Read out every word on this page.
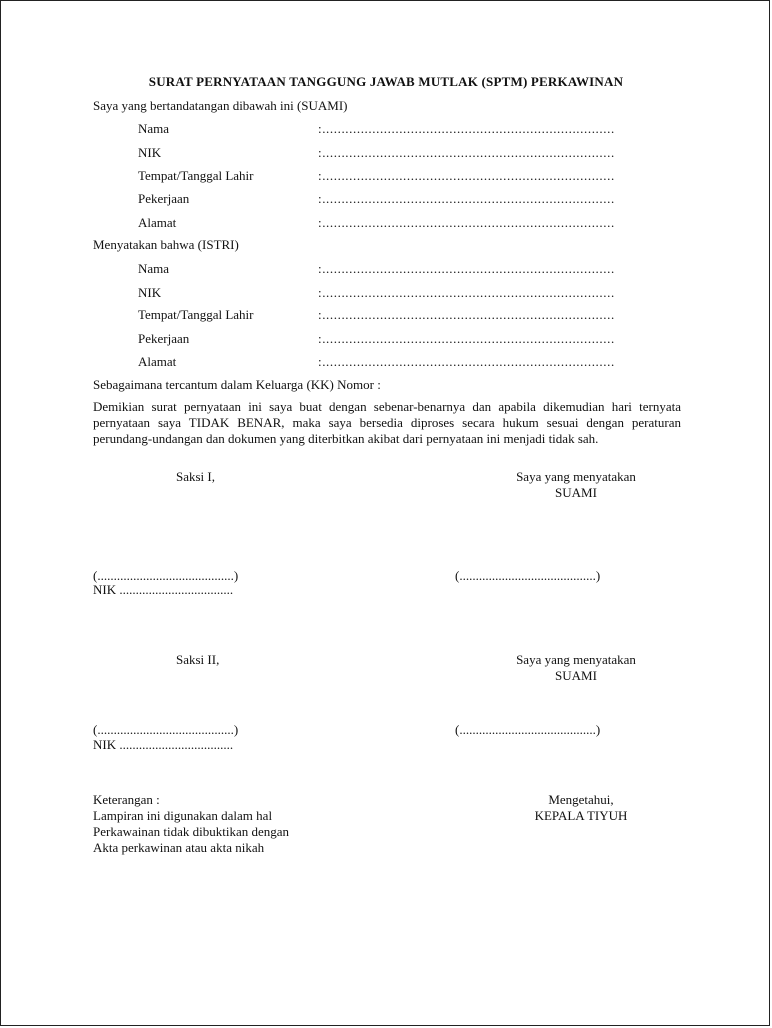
SURAT PERNYATAAN TANGGUNG JAWAB MUTLAK (SPTM) PERKAWINAN
Saya yang bertandatangan dibawah ini (SUAMI)
Nama	:............................................................................
NIK	:............................................................................
Tempat/Tanggal Lahir	:............................................................................
Pekerjaan	:............................................................................
Alamat	:............................................................................
Menyatakan bahwa (ISTRI)
Nama	:............................................................................
NIK	:............................................................................
Tempat/Tanggal Lahir	:............................................................................
Pekerjaan	:............................................................................
Alamat	:............................................................................
Sebagaimana tercantum dalam Keluarga (KK) Nomor :
Demikian surat pernyataan ini saya buat dengan sebenar-benarnya dan apabila dikemudian hari ternyata pernyataan saya TIDAK BENAR, maka saya bersedia diproses secara hukum sesuai dengan peraturan perundang-undangan dan dokumen yang diterbitkan akibat dari pernyataan ini menjadi tidak sah.
Saksi I,	Saya yang menyatakan
SUAMI
(..........................................)
NIK ...................................
(..........................................)
Saksi II,	Saya yang menyatakan
SUAMI
(..........................................)
NIK ...................................
(..........................................)
Keterangan :
Lampiran ini digunakan dalam hal
Perkawainan tidak dibuktikan dengan
Akta perkawinan atau akta nikah
Mengetahui,
KEPALA TIYUH
